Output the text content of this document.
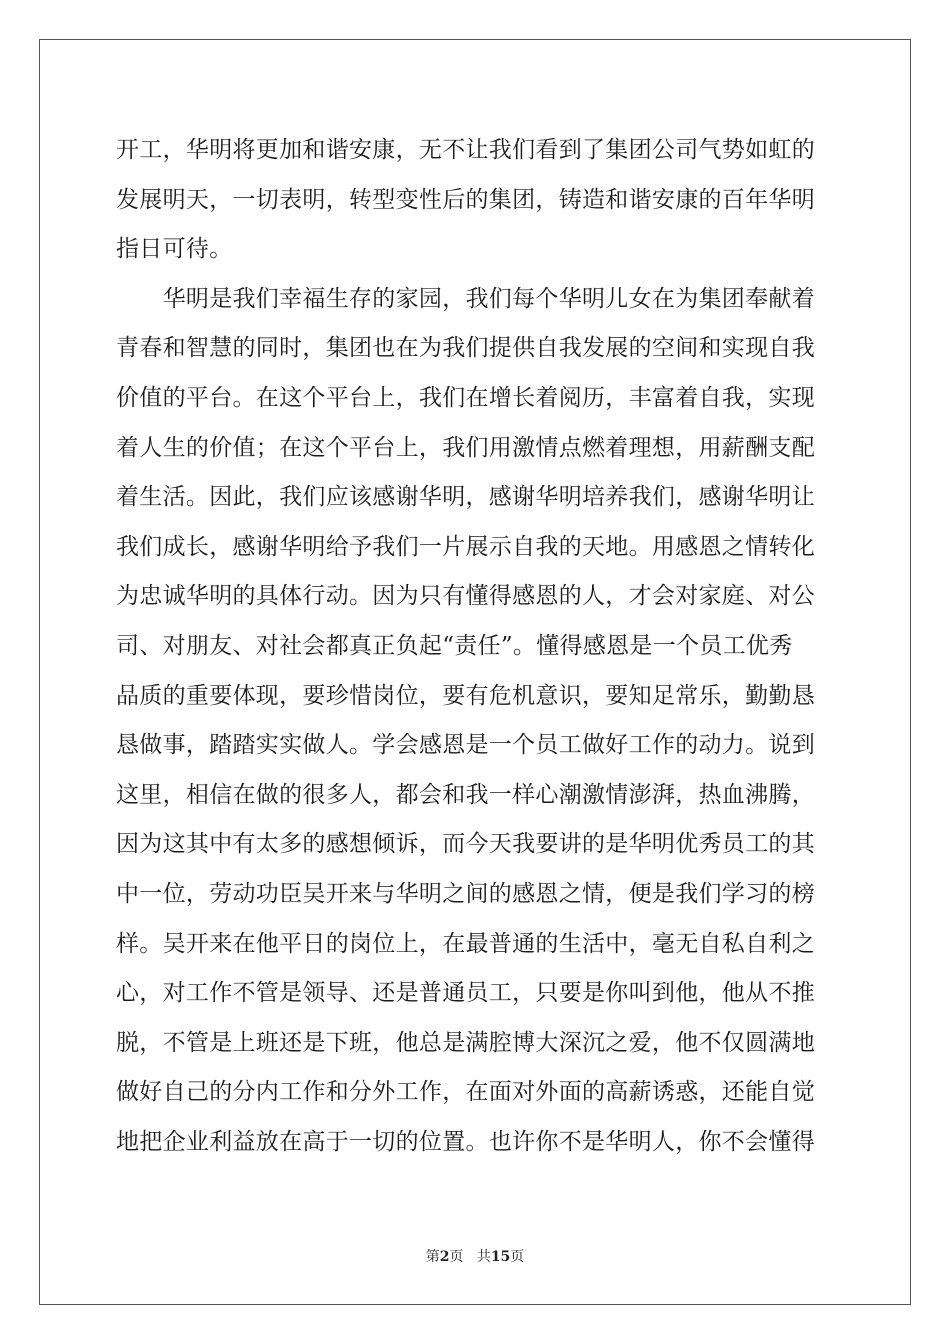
开工，华明将更加和谐安康，无不让我们看到了集团公司气势如虹的
发展明天，一切表明，转型变性后的集团，铸造和谐安康的百年华明
指日可待。
　　华明是我们幸福生存的家园，我们每个华明儿女在为集团奉献着
青春和智慧的同时，集团也在为我们提供自我发展的空间和实现自我
价值的平台。在这个平台上，我们在增长着阅历，丰富着自我，实现
着人生的价值；在这个平台上，我们用激情点燃着理想，用薪酬支配
着生活。因此，我们应该感谢华明，感谢华明培养我们，感谢华明让
我们成长，感谢华明给予我们一片展示自我的天地。用感恩之情转化
为忠诚华明的具体行动。因为只有懂得感恩的人，才会对家庭、对公
司、对朋友、对社会都真正负起“责任”。懂得感恩是一个员工优秀
品质的重要体现，要珍惜岗位，要有危机意识，要知足常乐，勤勤恳
恳做事，踏踏实实做人。学会感恩是一个员工做好工作的动力。说到
这里，相信在做的很多人，都会和我一样心潮激情澎湃，热血沸腾，
因为这其中有太多的感想倾诉，而今天我要讲的是华明优秀员工的其
中一位，劳动功臣吴开来与华明之间的感恩之情，便是我们学习的榜
样。吴开来在他平日的岗位上，在最普通的生活中，毫无自私自利之
心，对工作不管是领导、还是普通员工，只要是你叫到他，他从不推
脱，不管是上班还是下班，他总是满腔博大深沉之爱，他不仅圆满地
做好自己的分内工作和分外工作，在面对外面的高薪诱惑，还能自觉
地把企业利益放在高于一切的位置。也许你不是华明人，你不会懂得
第2页 共15页
